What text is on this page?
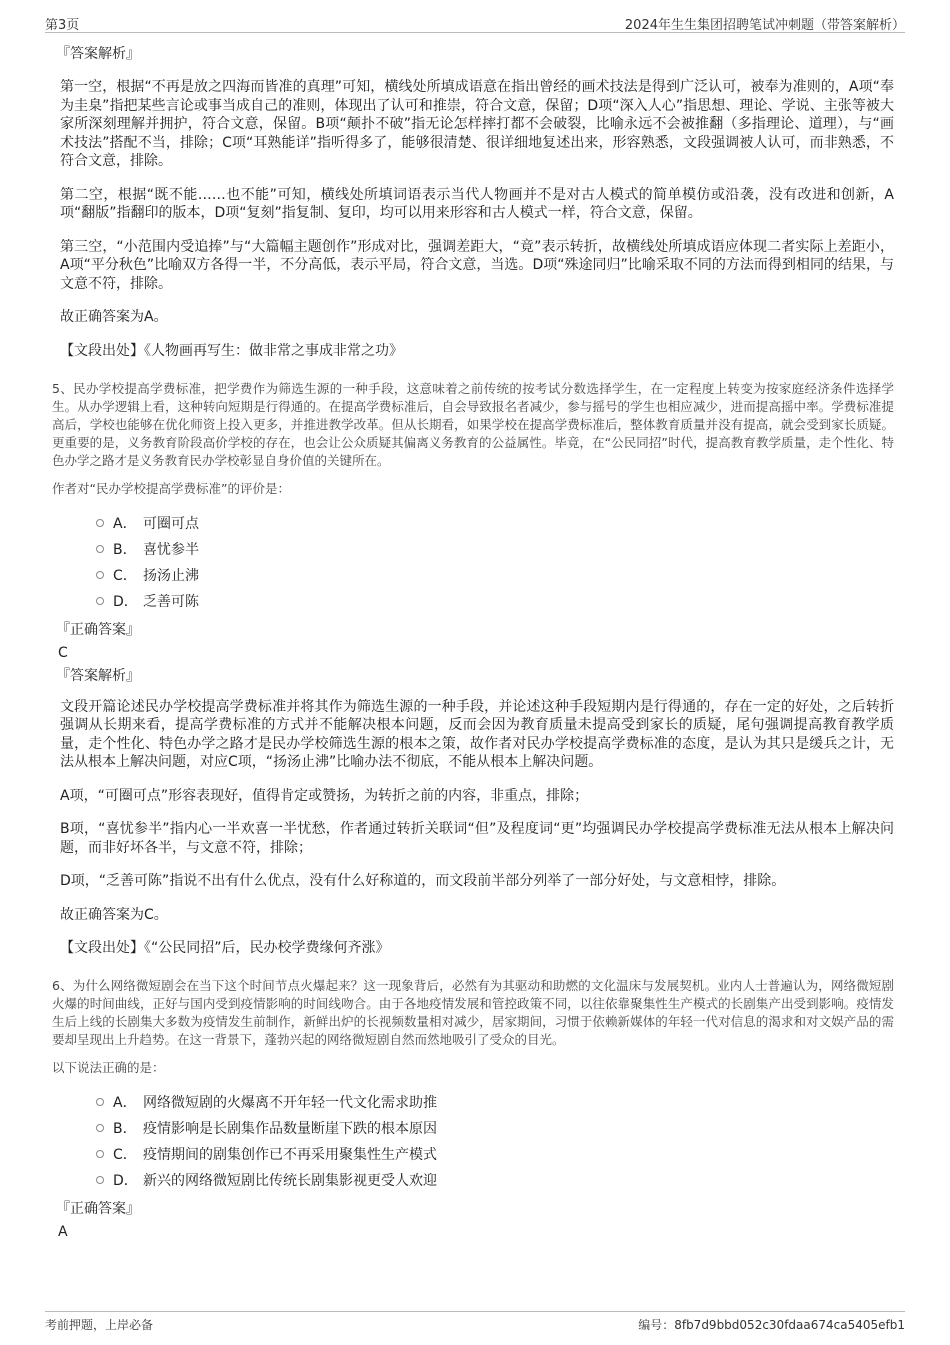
第3页	2024年生生集团招聘笔试冲刺题（带答案解析）
『答案解析』

第一空，根据“不再是放之四海而皆准的真理”可知，横线处所填成语意在指出曾经的画术技法是得到广泛认可，被奉为准则的，A项“奉为圭臬”指把某些言论或事当成自己的准则，体现出了认可和推崇，符合文意，保留；D项“深入人心”指思想、理论、学说、主张等被大家所深刻理解并拥护，符合文意，保留。B项“颠扑不破”指无论怎样摔打都不会破裂，比喻永远不会被推翻（多指理论、道理），与“画术技法”搭配不当，排除；C项“耳熟能详”指听得多了，能够很清楚、很详细地复述出来，形容熟悉，文段强调被人认可，而非熟悉，不符合文意，排除。

第二空，根据“既不能……也不能”可知，横线处所填词语表示当代人物画并不是对古人模式的简单模仿或沿袭，没有改进和创新，A项“翻版”指翻印的版本，D项“复刻”指复制、复印，均可以用来形容和古人模式一样，符合文意，保留。

第三空，“小范围内受追捧”与“大篇幅主题创作”形成对比，强调差距大，“竟”表示转折，故横线处所填成语应体现二者实际上差距小，A项“平分秋色”比喻双方各得一半，不分高低，表示平局，符合文意，当选。D项“殊途同归”比喻采取不同的方法而得到相同的结果，与文意不符，排除。

故正确答案为A。

【文段出处】《人物画再写生：做非常之事成非常之功》

5、民办学校提高学费标准，把学费作为筛选生源的一种手段，这意味着之前传统的按考试分数选择学生，在一定程度上转变为按家庭经济条件选择学生。从办学逻辑上看，这种转向短期是行得通的。在提高学费标准后，自会导致报名者减少，参与摇号的学生也相应减少，进而提高摇中率。学费标准提高后，学校也能够在优化师资上投入更多，并推进教学改革。但从长期看，如果学校在提高学费标准后，整体教育质量并没有提高，就会受到家长质疑。更重要的是，义务教育阶段高价学校的存在，也会让公众质疑其偏离义务教育的公益属性。毕竟，在“公民同招”时代，提高教育教学质量，走个性化、特色办学之路才是义务教育民办学校彰显自身价值的关键所在。

作者对“民办学校提高学费标准”的评价是：

A． 可圈可点
B． 喜忧参半
C． 扬汤止沸
D． 乏善可陈
『正确答案』
C
『答案解析』

文段开篇论述民办学校提高学费标准并将其作为筛选生源的一种手段，并论述这种手段短期内是行得通的，存在一定的好处，之后转折强调从长期来看，提高学费标准的方式并不能解决根本问题，反而会因为教育质量未提高受到家长的质疑，尾句强调提高教育教学质量，走个性化、特色办学之路才是民办学校筛选生源的根本之策，故作者对民办学校提高学费标准的态度，是认为其只是缓兵之计，无法从根本上解决问题，对应C项，“扬汤止沸”比喻办法不彻底，不能从根本上解决问题。

A项，“可圈可点”形容表现好，值得肯定或赞扬，为转折之前的内容，非重点，排除；

B项，“喜忧参半”指内心一半欢喜一半忧愁，作者通过转折关联词“但”及程度词“更”均强调民办学校提高学费标准无法从根本上解决问题，而非好坏各半，与文意不符，排除；

D项，“乏善可陈”指说不出有什么优点，没有什么好称道的，而文段前半部分列举了一部分好处，与文意相悖，排除。

故正确答案为C。

【文段出处】《“公民同招”后，民办校学费缘何齐涨》

6、为什么网络微短剧会在当下这个时间节点火爆起来？这一现象背后，必然有为其驱动和助燃的文化温床与发展契机。业内人士普遍认为，网络微短剧火爆的时间曲线，正好与国内受到疫情影响的时间线吻合。由于各地疫情发展和管控政策不同，以往依靠聚集性生产模式的长剧集产出受到影响。疫情发生后上线的长剧集大多数为疫情发生前制作，新鲜出炉的长视频数量相对减少，居家期间，习惯于依赖新媒体的年轻一代对信息的渴求和对文娱产品的需要却呈现出上升趋势。在这一背景下，蓬勃兴起的网络微短剧自然而然地吸引了受众的目光。

以下说法正确的是：

A． 网络微短剧的火爆离不开年轻一代文化需求助推
B． 疫情影响是长剧集作品数量断崖下跌的根本原因
C． 疫情期间的剧集创作已不再采用聚集性生产模式
D． 新兴的网络微短剧比传统长剧集影视更受人欢迎
『正确答案』
A
考前押题，上岸必备	编号：8fb7d9bbd052c30fdaa674ca5405efb1
